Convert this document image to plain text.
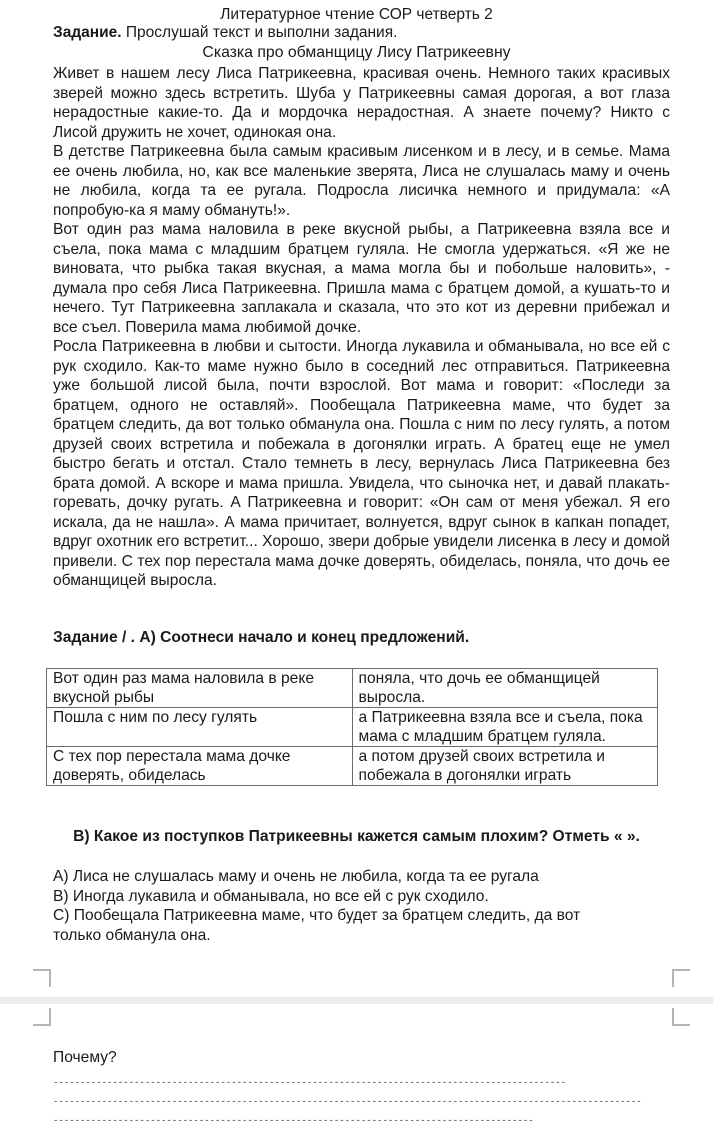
Литературное чтение СОР четверть 2
Задание. Прослушай текст и выполни задания.
Сказка про обманщицу Лису Патрикеевну

Живет в нашем лесу Лиса Патрикеевна, красивая очень. Немного таких красивых зверей можно здесь встретить. Шуба у Патрикеевны самая дорогая, а вот глаза нерадостные какие-то. Да и мордочка нерадостная. А знаете почему? Никто с Лисой дружить не хочет, одинокая она.

В детстве Патрикеевна была самым красивым лисенком и в лесу, и в семье. Мама ее очень любила, но, как все маленькие зверята, Лиса не слушалась маму и очень не любила, когда та ее ругала. Подросла лисичка немного и придумала: «А попробую-ка я маму обмануть!».

Вот один раз мама наловила в реке вкусной рыбы, а Патрикеевна взяла все и съела, пока мама с младшим братцем гуляла. Не смогла удержаться. «Я же не виновата, что рыбка такая вкусная, а мама могла бы и побольше наловить», - думала про себя Лиса Патрикеевна. Пришла мама с братцем домой, а кушать-то и нечего. Тут Патрикеевна заплакала и сказала, что это кот из деревни прибежал и все съел. Поверила мама любимой дочке.

Росла Патрикеевна в любви и сытости. Иногда лукавила и обманывала, но все ей с рук сходило. Как-то маме нужно было в соседний лес отправиться. Патрикеевна уже большой лисой была, почти взрослой. Вот мама и говорит: «Последи за братцем, одного не оставляй». Пообещала Патрикеевна маме, что будет за братцем следить, да вот только обманула она. Пошла с ним по лесу гулять, а потом друзей своих встретила и побежала в догонялки играть. А братец еще не умел быстро бегать и отстал. Стало темнеть в лесу, вернулась Лиса Патрикеевна без брата домой. А вскоре и мама пришла. Увидела, что сыночка нет, и давай плакать-горевать, дочку ругать. А Патрикеевна и говорит: «Он сам от меня убежал. Я его искала, да не нашла». А мама причитает, волнуется, вдруг сынок в капкан попадет, вдруг охотник его встретит... Хорошо, звери добрые увидели лисенка в лесу и домой привели. С тех пор перестала мама дочке доверять, обиделась, поняла, что дочь ее обманщицей выросла.

Задание / . А) Соотнеси начало и конец предложений.
Вот один раз мама наловила в реке вкусной рыбы	поняла, что дочь ее обманщицей выросла.
Пошла с ним по лесу гулять	а Патрикеевна взяла все и съела, пока мама с младшим братцем гуляла.
С тех пор перестала мама дочке доверять, обиделась	а потом друзей своих встретила и побежала в догонялки играть
В) Какое из поступков Патрикеевны кажется самым плохим? Отметь « ».
А) Лиса не слушалась маму и очень не любила, когда та ее ругала
В) Иногда лукавила и обманывала, но все ей с рук сходило.
С) Пообещала Патрикеевна маме, что будет за братцем следить, да вот
только обманула она.
Почему?
-----------------------------------------------------------------------------------------------
-------------------------------------------------------------------------------------------------------------
-----------------------------------------------------------------------------------------
